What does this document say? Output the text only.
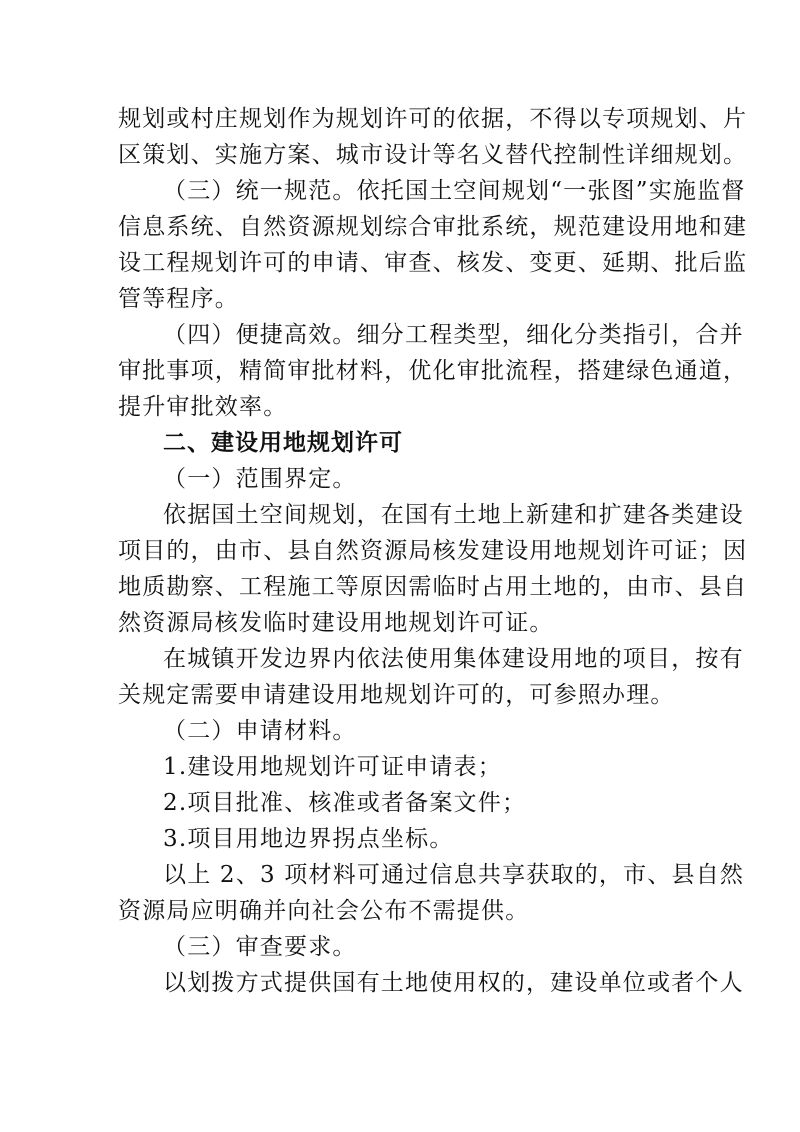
规划或村庄规划作为规划许可的依据，不得以专项规划、片
区策划、实施方案、城市设计等名义替代控制性详细规划。
（三）统一规范。依托国土空间规划“一张图”实施监督
信息系统、自然资源规划综合审批系统，规范建设用地和建
设工程规划许可的申请、审查、核发、变更、延期、批后监
管等程序。
（四）便捷高效。细分工程类型，细化分类指引，合并
审批事项，精简审批材料，优化审批流程，搭建绿色通道，
提升审批效率。
二、建设用地规划许可
（一）范围界定。
依据国土空间规划，在国有土地上新建和扩建各类建设
项目的，由市、县自然资源局核发建设用地规划许可证；因
地质勘察、工程施工等原因需临时占用土地的，由市、县自
然资源局核发临时建设用地规划许可证。
在城镇开发边界内依法使用集体建设用地的项目，按有
关规定需要申请建设用地规划许可的，可参照办理。
（二）申请材料。
1.建设用地规划许可证申请表；
2.项目批准、核准或者备案文件；
3.项目用地边界拐点坐标。
以上 2、3 项材料可通过信息共享获取的，市、县自然
资源局应明确并向社会公布不需提供。
（三）审查要求。
以划拨方式提供国有土地使用权的，建设单位或者个人
